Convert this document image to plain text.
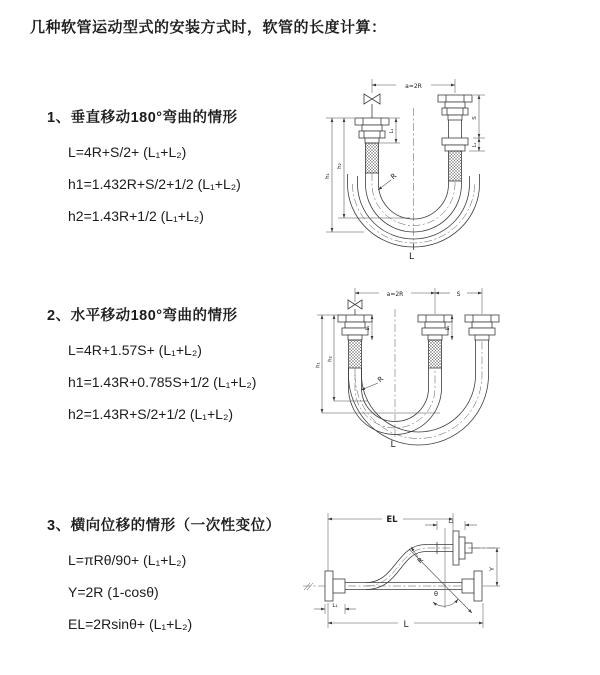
几种软管运动型式的安装方式时，软管的长度计算：
1、垂直移动180°弯曲的情形
L=4R+S/2+ (L₁+L₂)
h1=1.432R+S/2+1/2 (L₁+L₂)
h2=1.43R+1/2 (L₁+L₂)
2、水平移动180°弯曲的情形
L=4R+1.57S+ (L₁+L₂)
h1=1.43R+0.785S+1/2 (L₁+L₂)
h2=1.43R+S/2+1/2 (L₁+L₂)
3、横向位移的情形（一次性变位）
L=πRθ/90+ (L₁+L₂)
Y=2R (1-cosθ)
EL=2Rsinθ+ (L₁+L₂)
a=2R
S
L₁
h₁
h₂
L₁
R
L
a=2R	S
L₁	L₁
h₁
h₂
R
L
EL	L₂
Y
R
θ
L
L₁
